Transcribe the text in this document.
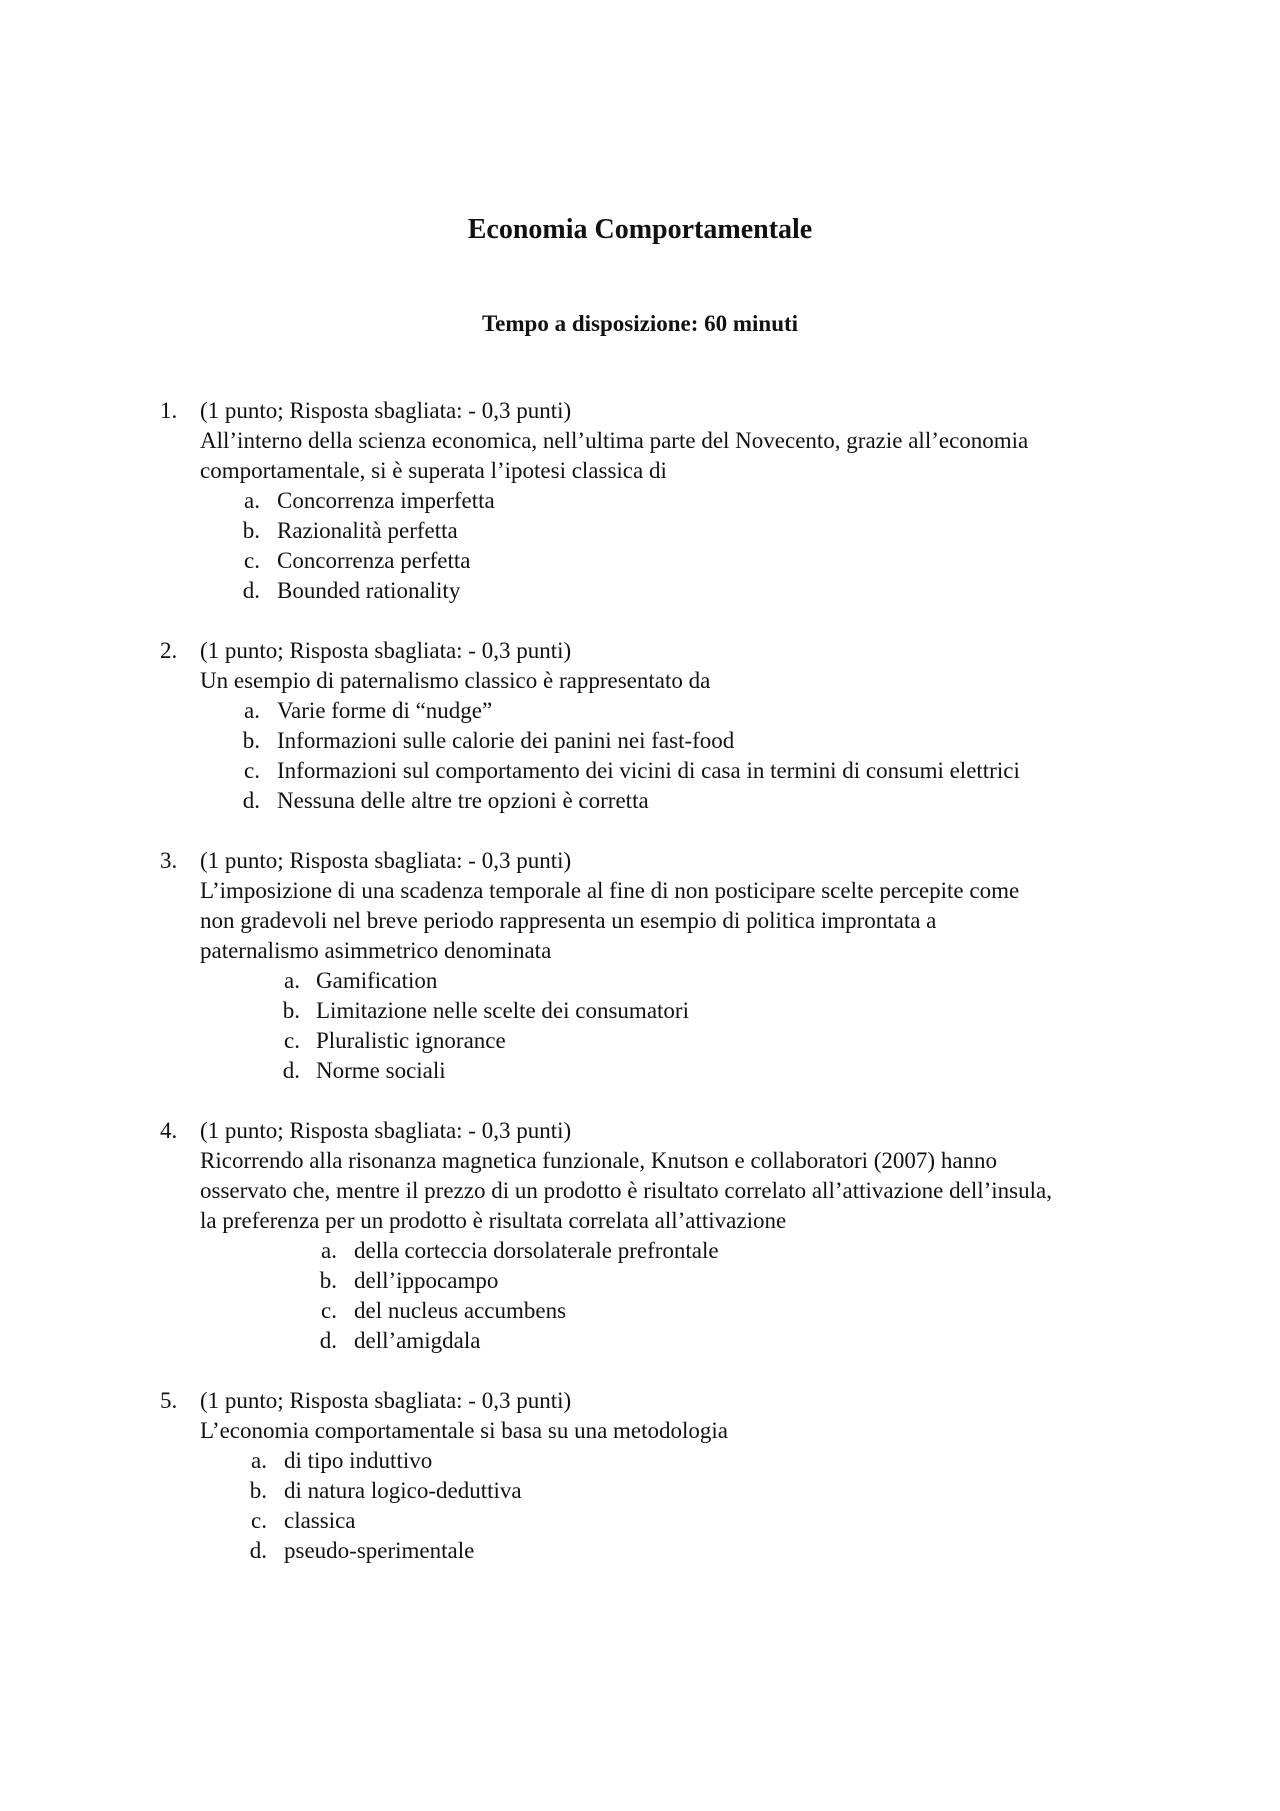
Economia Comportamentale
Tempo a disposizione: 60 minuti
1. (1 punto; Risposta sbagliata: - 0,3 punti)
All’interno della scienza economica, nell’ultima parte del Novecento, grazie all’economia
comportamentale, si è superata l’ipotesi classica di
a. Concorrenza imperfetta
b. Razionalità perfetta
c. Concorrenza perfetta
d. Bounded rationality
2. (1 punto; Risposta sbagliata: - 0,3 punti)
Un esempio di paternalismo classico è rappresentato da
a. Varie forme di “nudge”
b. Informazioni sulle calorie dei panini nei fast-food
c. Informazioni sul comportamento dei vicini di casa in termini di consumi elettrici
d. Nessuna delle altre tre opzioni è corretta
3. (1 punto; Risposta sbagliata: - 0,3 punti)
L’imposizione di una scadenza temporale al fine di non posticipare scelte percepite come
non gradevoli nel breve periodo rappresenta un esempio di politica improntata a
paternalismo asimmetrico denominata
a. Gamification
b. Limitazione nelle scelte dei consumatori
c. Pluralistic ignorance
d. Norme sociali
4. (1 punto; Risposta sbagliata: - 0,3 punti)
Ricorrendo alla risonanza magnetica funzionale, Knutson e collaboratori (2007) hanno
osservato che, mentre il prezzo di un prodotto è risultato correlato all’attivazione dell’insula,
la preferenza per un prodotto è risultata correlata all’attivazione
a. della corteccia dorsolaterale prefrontale
b. dell’ippocampo
c. del nucleus accumbens
d. dell’amigdala
5. (1 punto; Risposta sbagliata: - 0,3 punti)
L’economia comportamentale si basa su una metodologia
a. di tipo induttivo
b. di natura logico-deduttiva
c. classica
d. pseudo-sperimentale
